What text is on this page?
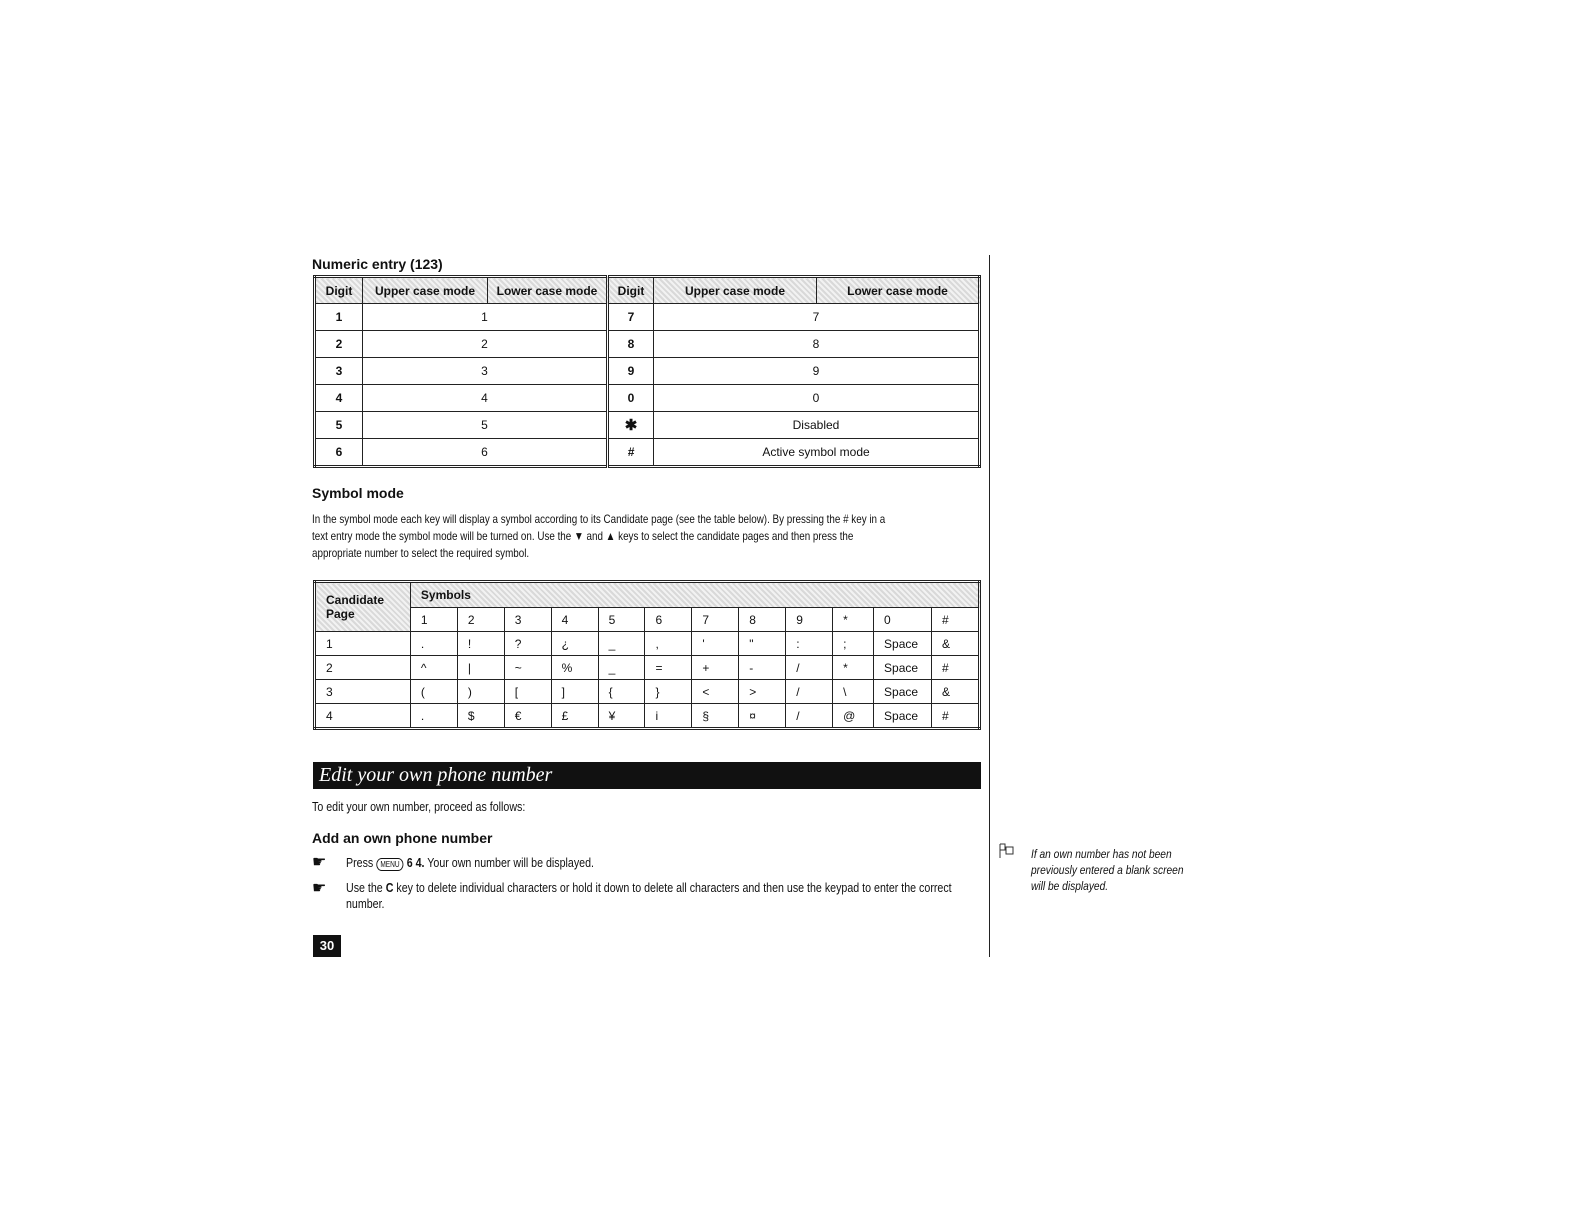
Numeric entry (123)
Digit	Upper case mode	Lower case mode	Digit	Upper case mode	Lower case mode
1	1		7	7	
2	2		8	8	
3	3		9	9	
4	4		0	0	
5	5		✱	Disabled	
6	6		#	Active symbol mode	
Symbol mode
In the symbol mode each key will display a symbol according to its Candidate page (see the table below). By pressing the # key in a
text entry mode the symbol mode will be turned on. Use the ▼ and ▲ keys to select the candidate pages and then press the
appropriate number to select the required symbol.
Candidate Page	Symbols											
	1	2	3	4	5	6	7	8	9	*	0	#
1	.	!	?	¿	_	,	'	"	:	;	Space	&
2	^	|	~	%	_	=	+	-	/	*	Space	#
3	(	)	[	]	{	}	<	>	/	\	Space	&
4	.	$	€	£	¥	i	§	¤	/	@	Space	#
Edit your own phone number
To edit your own number, proceed as follows:
Add an own phone number
☛ Press MENU 6 4. Your own number will be displayed.
☛ Use the C key to delete individual characters or hold it down to delete all characters and then use the keypad to enter the correct
number.
30
If an own number has not been
previously entered a blank screen
will be displayed.
